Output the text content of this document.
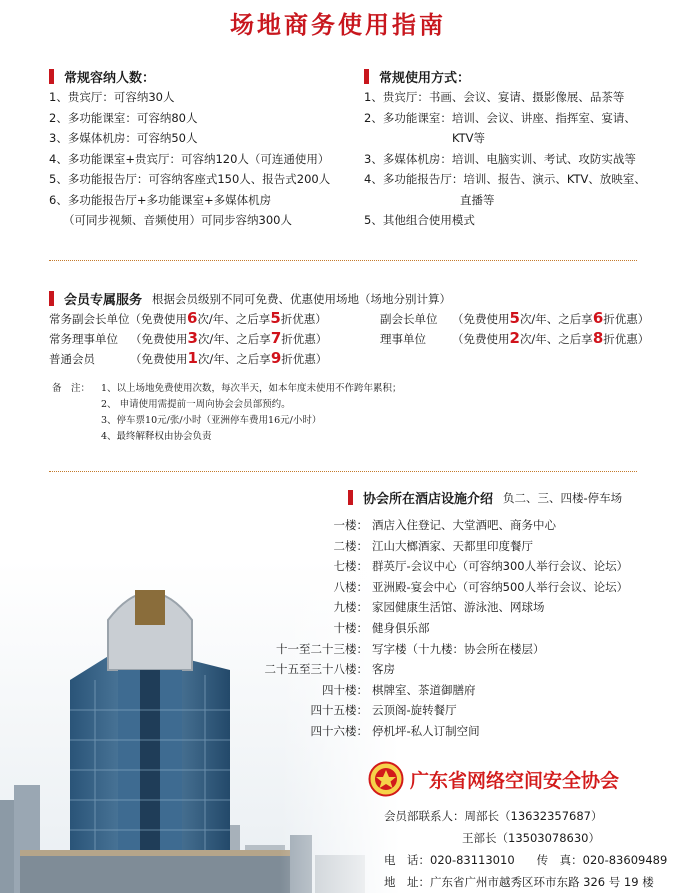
场地商务使用指南
常规容纳人数：
1、贵宾厅：可容纳30人
2、多功能课室：可容纳80人
3、多媒体机房：可容纳50人
4、多功能课室+贵宾厅：可容纳120人（可连通使用）
5、多功能报告厅：可容纳客座式150人、报告式200人
6、多功能报告厅+多功能课室+多媒体机房
（可同步视频、音频使用）可同步容纳300人
常规使用方式：
1、贵宾厅：书画、会议、宴请、摄影像展、品茶等
2、多功能课室：培训、会议、讲座、指挥室、宴请、
KTV等
3、多媒体机房：培训、电脑实训、考试、攻防实战等
4、多功能报告厅：培训、报告、演示、KTV、放映室、
直播等
5、其他组合使用模式
会员专属服务 根据会员级别不同可免费、优惠使用场地（场地分别计算）
常务副会长单位（免费使用6次/年、之后享5折优惠）	副会长单位 （免费使用5次/年、之后享6折优惠）
常务理事单位 （免费使用3次/年、之后享7折优惠）	理事单位 （免费使用2次/年、之后享8折优惠）
普通会员	（免费使用1次/年、之后享9折优惠）
备　注： 1、以上场地免费使用次数，每次半天，如本年度未使用不作跨年累积；
2、 申请使用需提前一周向协会会员部预约。
3、停车票10元/张/小时（亚洲停车费用16元/小时）
4、最终解释权由协会负责
协会所在酒店设施介绍 负二、三、四楼-停车场
一楼： 酒店入住登记、大堂酒吧、商务中心
二楼： 江山大榔酒家、天都里印度餐厅
七楼： 群英厅-会议中心（可容纳300人举行会议、论坛）
八楼： 亚洲殿-宴会中心（可容纳500人举行会议、论坛）
九楼： 家园健康生活馆、游泳池、网球场
十楼： 健身俱乐部
十一至二十三楼： 写字楼（十九楼：协会所在楼层）
二十五至三十八楼： 客房
四十楼： 棋牌室、茶道御膳府
四十五楼： 云顶阁-旋转餐厅
四十六楼： 停机坪-私人订制空间
广东省网络空间安全协会
会员部联系人：周部长（13632357687）
王部长（13503078630）
电　话：020-83113010 传　真：020-83609489
地　址：广东省广州市越秀区环市东路 326 号 19 楼
